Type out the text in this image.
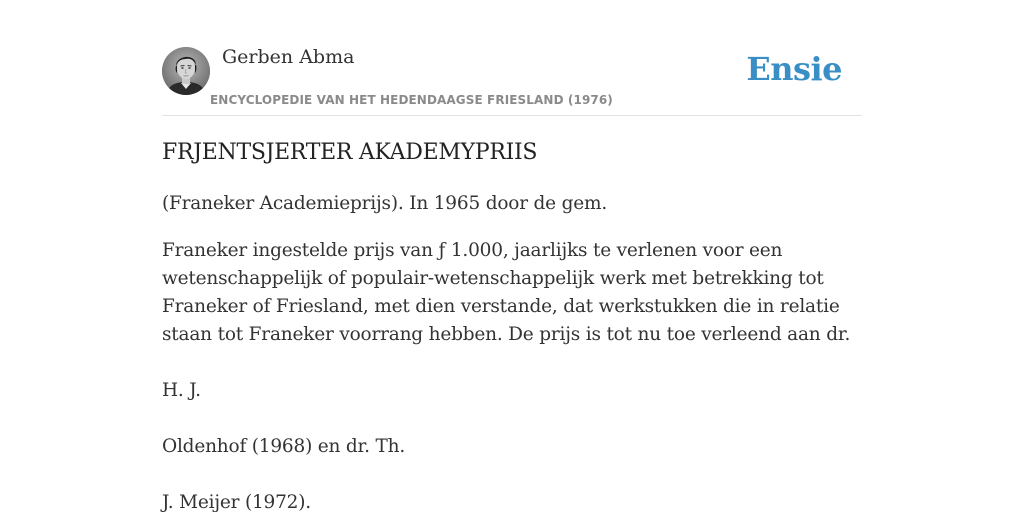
Gerben Abma
ENCYCLOPEDIE VAN HET HEDENDAAGSE FRIESLAND (1976)
Ensie
FRJENTSJERTER AKADEMYPRIIS

(Franeker Academieprijs). In 1965 door de gem.

Franeker ingestelde prijs van ƒ 1.000, jaarlijks te verlenen voor een wetenschappelijk of populair-wetenschappelijk werk met betrekking tot Franeker of Friesland, met dien verstande, dat werkstukken die in relatie staan tot Franeker voorrang hebben. De prijs is tot nu toe verleend aan dr.

H. J.

Oldenhof (1968) en dr. Th.

J. Meijer (1972).
